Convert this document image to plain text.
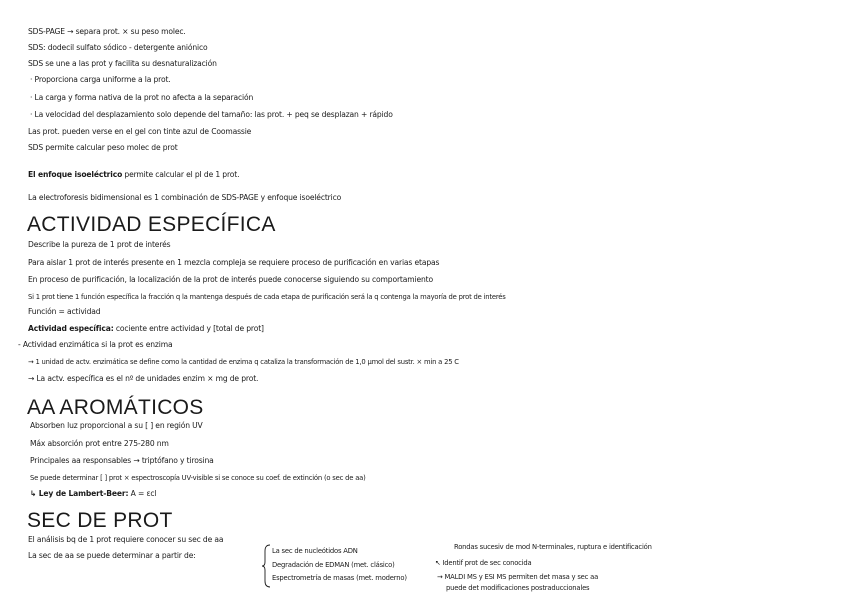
SDS-PAGE → separa prot. × su peso molec.
SDS: dodecil sulfato sódico - detergente aniónico
SDS se une a las prot y facilita su desnaturalización
· Proporciona carga uniforme a la prot.
· La carga y forma nativa de la prot no afecta a la separación
· La velocidad del desplazamiento solo depende del tamaño: las prot. + peq se desplazan + rápido
Las prot. pueden verse en el gel con tinte azul de Coomassie
SDS permite calcular peso molec de prot
El enfoque isoeléctrico permite calcular el pI de 1 prot.
La electroforesis bidimensional es 1 combinación de SDS-PAGE y enfoque isoeléctrico
ACTIVIDAD ESPECÍFICA
Describe la pureza de 1 prot de interés
Para aislar 1 prot de interés presente en 1 mezcla compleja se requiere proceso de purificación en varias etapas
En proceso de purificación, la localización de la prot de interés puede conocerse siguiendo su comportamiento
Si 1 prot tiene 1 función específica la fracción q la mantenga después de cada etapa de purificación será la q contenga la mayoría de prot de interés
Función = actividad
Actividad específica: cociente entre actividad y [total de prot]
- Actividad enzimática si la prot es enzima
→ 1 unidad de actv. enzimática se define como la cantidad de enzima q cataliza la transformación de 1,0 µmol del sustr. × min a 25 C
→ La actv. específica es el nº de unidades enzim × mg de prot.
AA AROMÁTICOS
Absorben luz proporcional a su [ ] en región UV
Máx absorción prot entre 275-280 nm
Principales aa responsables → triptófano y tirosina
Se puede determinar [ ] prot × espectroscopía UV-visible si se conoce su coef. de extinción (o sec de aa)
↳ Ley de Lambert-Beer: A = εcl
SEC DE PROT
El análisis bq de 1 prot requiere conocer su sec de aa
La sec de aa se puede determinar a partir de:	La sec de nucleótidos ADN
Degradación de EDMAN (met. clásico)
Espectrometría de masas (met. moderno)
Rondas sucesiv de mod N-terminales, ruptura e identificación
↖ Identif prot de sec conocida
→ MALDI MS y ESI MS permiten det masa y sec aa
puede det modificaciones postraduccionales
